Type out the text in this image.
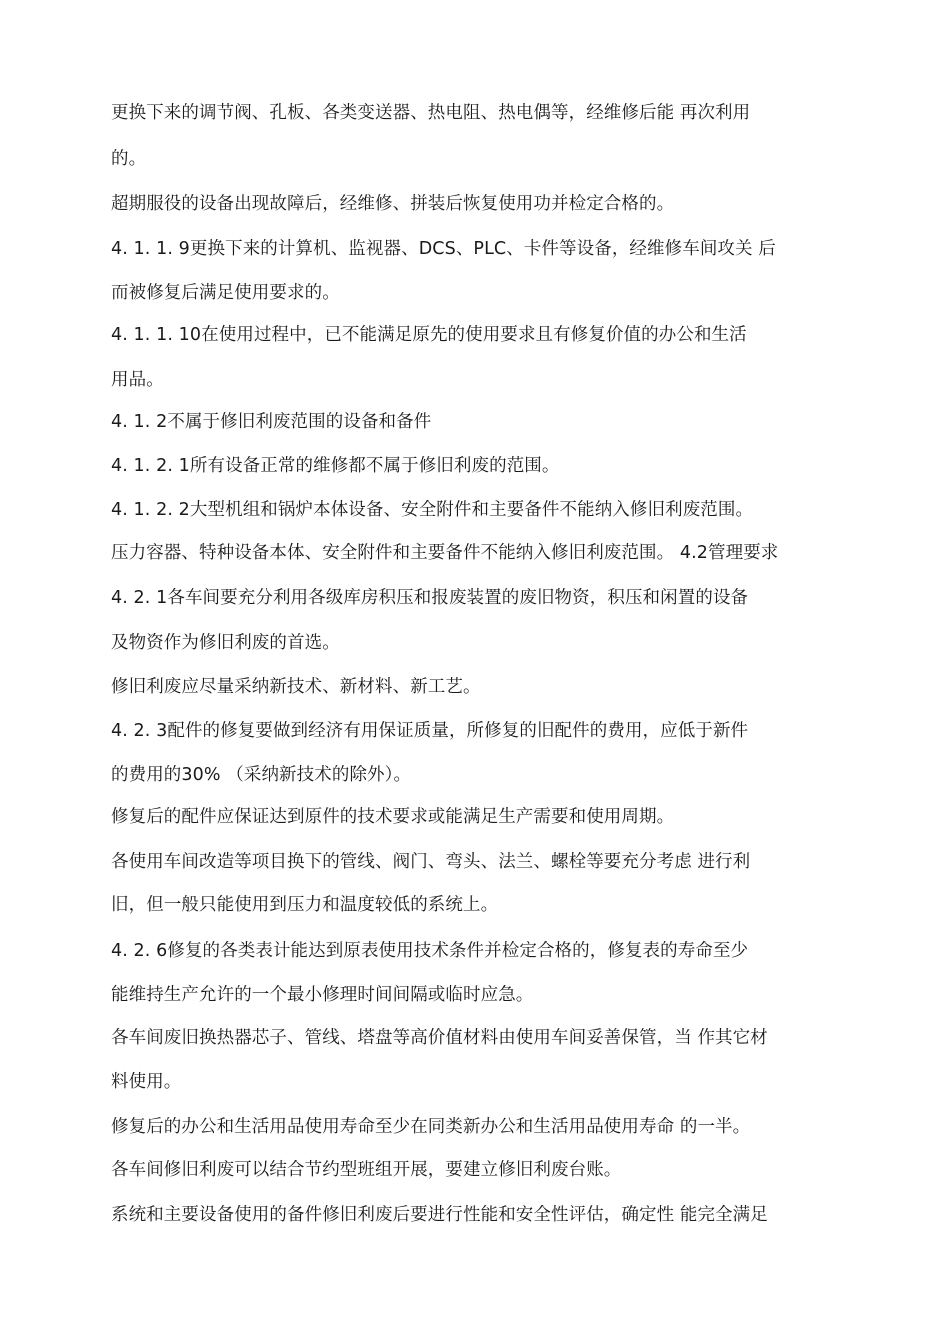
更换下来的调节阀、孔板、各类变送器、热电阻、热电偶等，经维修后能 再次利用
的。
超期服役的设备出现故障后，经维修、拼装后恢复使用功并检定合格的。
4. 1. 1. 9更换下来的计算机、监视器、DCS、PLC、卡件等设备，经维修车间攻关 后
而被修复后满足使用要求的。
4. 1. 1. 10在使用过程中，已不能满足原先的使用要求且有修复价值的办公和生活
用品。
4. 1. 2不属于修旧利废范围的设备和备件
4. 1. 2. 1所有设备正常的维修都不属于修旧利废的范围。
4. 1. 2. 2大型机组和锅炉本体设备、安全附件和主要备件不能纳入修旧利废范围。
压力容器、特种设备本体、安全附件和主要备件不能纳入修旧利废范围。 4.2管理要求
4. 2. 1各车间要充分利用各级库房积压和报废装置的废旧物资，积压和闲置的设备
及物资作为修旧利废的首选。
修旧利废应尽量采纳新技术、新材料、新工艺。
4. 2. 3配件的修复要做到经济有用保证质量，所修复的旧配件的费用，应低于新件
的费用的30% （采纳新技术的除外）。
修复后的配件应保证达到原件的技术要求或能满足生产需要和使用周期。
各使用车间改造等项目换下的管线、阀门、弯头、法兰、螺栓等要充分考虑 进行利
旧，但一般只能使用到压力和温度较低的系统上。
4. 2. 6修复的各类表计能达到原表使用技术条件并检定合格的，修复表的寿命至少
能维持生产允许的一个最小修理时间间隔或临时应急。
各车间废旧换热器芯子、管线、塔盘等高价值材料由使用车间妥善保管，当 作其它材
料使用。
修复后的办公和生活用品使用寿命至少在同类新办公和生活用品使用寿命 的一半。
各车间修旧利废可以结合节约型班组开展，要建立修旧利废台账。
系统和主要设备使用的备件修旧利废后要进行性能和安全性评估，确定性 能完全满足
